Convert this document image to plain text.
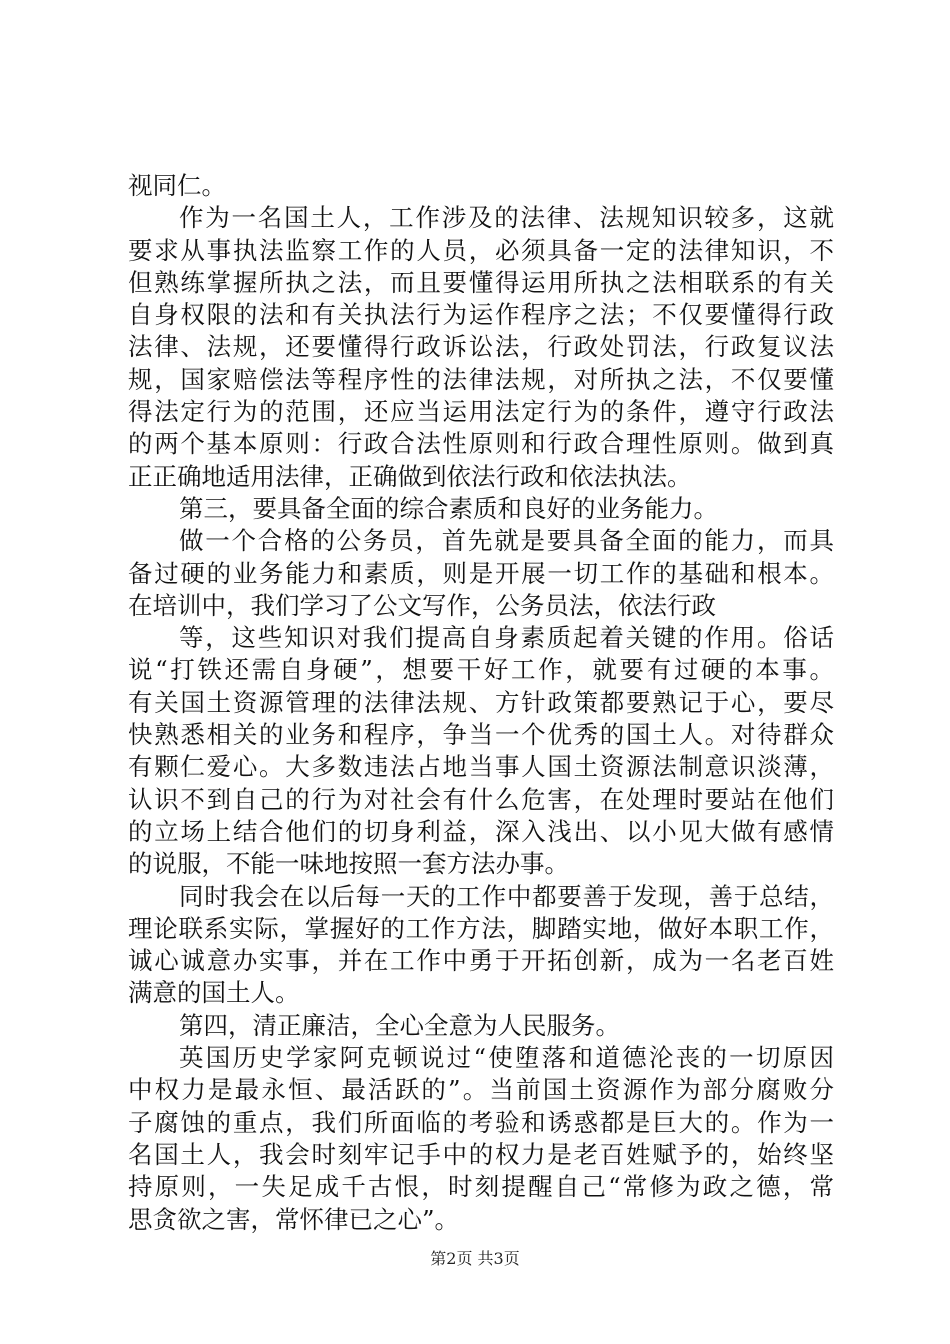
视同仁。
作为一名国土人，工作涉及的法律、法规知识较多，这就
要求从事执法监察工作的人员，必须具备一定的法律知识，不
但熟练掌握所执之法，而且要懂得运用所执之法相联系的有关
自身权限的法和有关执法行为运作程序之法；不仅要懂得行政
法律、法规，还要懂得行政诉讼法，行政处罚法，行政复议法
规，国家赔偿法等程序性的法律法规，对所执之法，不仅要懂
得法定行为的范围，还应当运用法定行为的条件，遵守行政法
的两个基本原则：行政合法性原则和行政合理性原则。做到真
正正确地适用法律，正确做到依法行政和依法执法。
第三，要具备全面的综合素质和良好的业务能力。
做一个合格的公务员，首先就是要具备全面的能力，而具
备过硬的业务能力和素质，则是开展一切工作的基础和根本。
在培训中，我们学习了公文写作，公务员法，依法行政
等，这些知识对我们提高自身素质起着关键的作用。俗话
说“打铁还需自身硬”，想要干好工作，就要有过硬的本事。
有关国土资源管理的法律法规、方针政策都要熟记于心，要尽
快熟悉相关的业务和程序，争当一个优秀的国土人。对待群众
有颗仁爱心。大多数违法占地当事人国土资源法制意识淡薄，
认识不到自己的行为对社会有什么危害，在处理时要站在他们
的立场上结合他们的切身利益，深入浅出、以小见大做有感情
的说服，不能一味地按照一套方法办事。
同时我会在以后每一天的工作中都要善于发现，善于总结，
理论联系实际，掌握好的工作方法，脚踏实地，做好本职工作，
诚心诚意办实事，并在工作中勇于开拓创新，成为一名老百姓
满意的国土人。
第四，清正廉洁，全心全意为人民服务。
英国历史学家阿克顿说过“使堕落和道德沦丧的一切原因
中权力是最永恒、最活跃的”。当前国土资源作为部分腐败分
子腐蚀的重点，我们所面临的考验和诱惑都是巨大的。作为一
名国土人，我会时刻牢记手中的权力是老百姓赋予的，始终坚
持原则，一失足成千古恨，时刻提醒自己“常修为政之德，常
思贪欲之害，常怀律已之心”。
第2页 共3页
